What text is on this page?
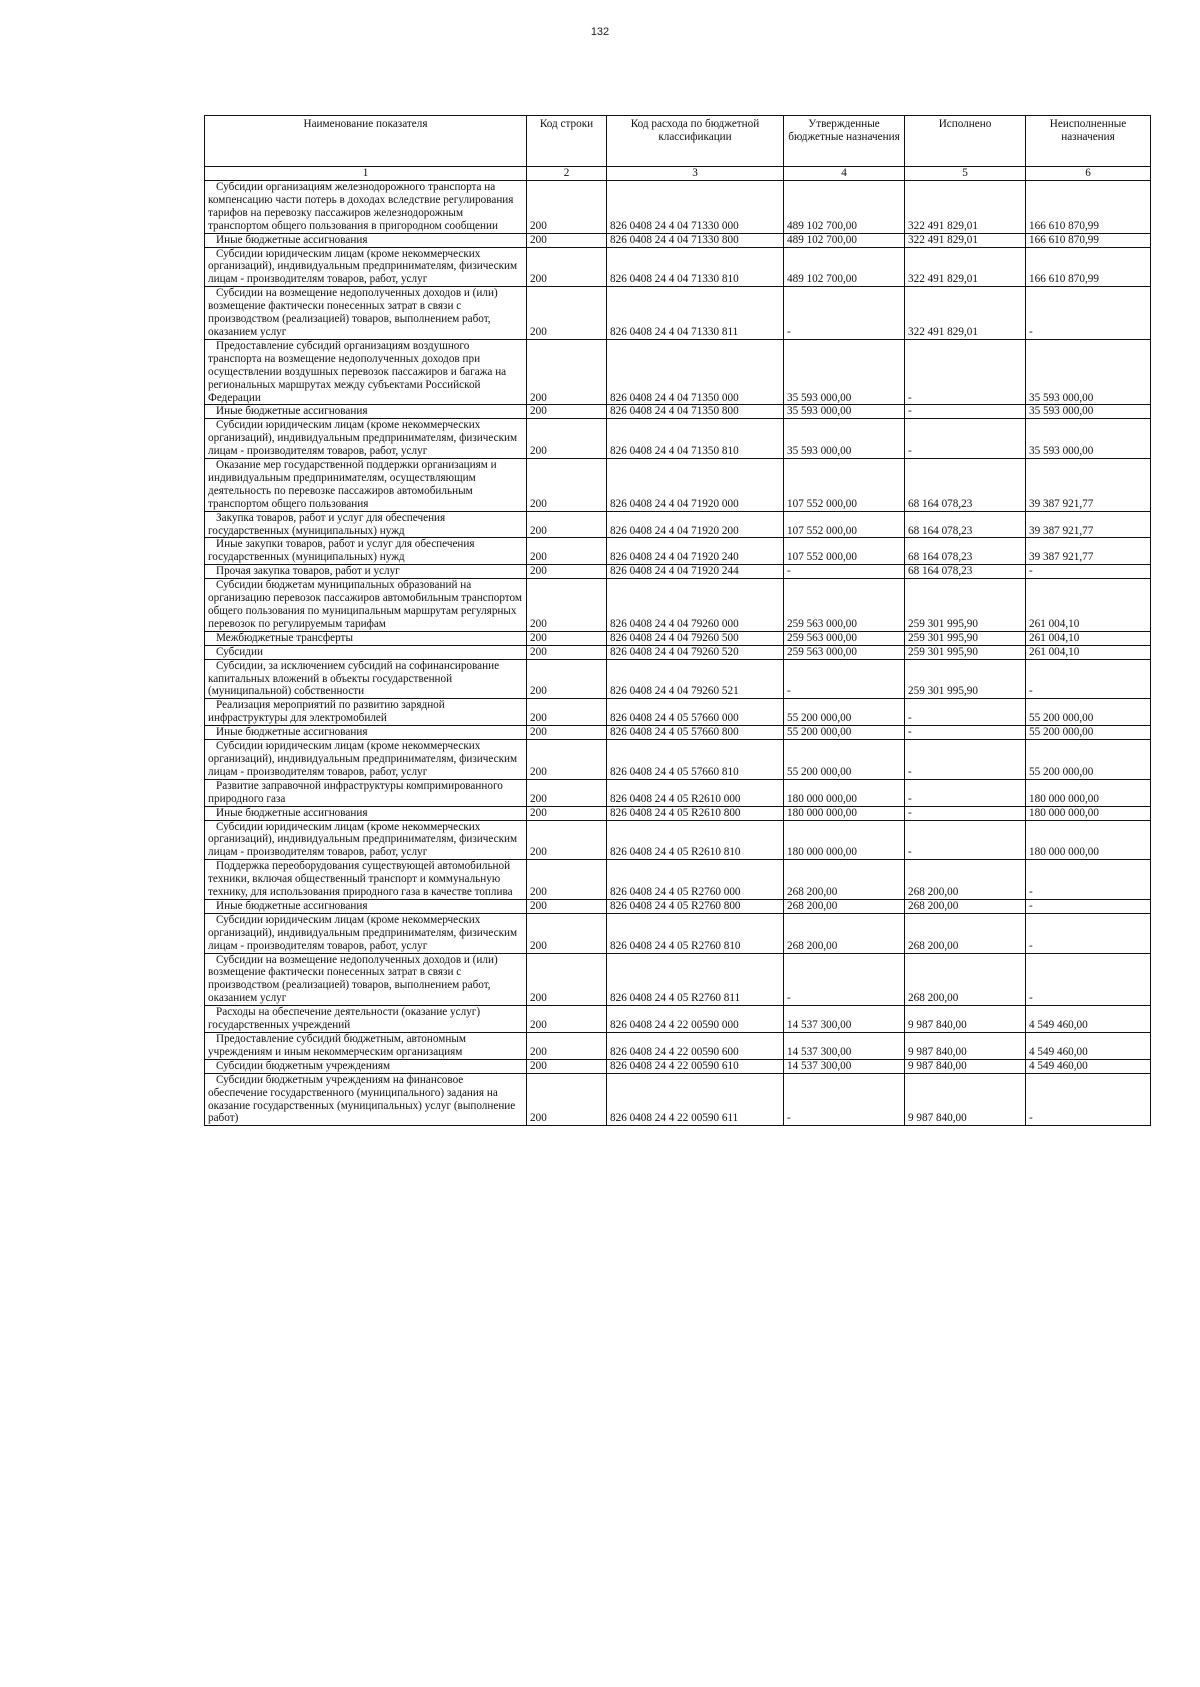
132
Наименование показателя	Код строки	Код расхода по бюджетной классификации	Утвержденные бюджетные назначения	Исполнено	Неисполненные назначения
1	2	3	4	5	6
Субсидии организациям железнодорожного транспорта на компенсацию части потерь в доходах вследствие регулирования тарифов на перевозку пассажиров железнодорожным транспортом общего пользования в пригородном сообщении	200	826 0408 24 4 04 71330 000	489 102 700,00	322 491 829,01	166 610 870,99
Иные бюджетные ассигнования	200	826 0408 24 4 04 71330 800	489 102 700,00	322 491 829,01	166 610 870,99
Субсидии юридическим лицам (кроме некоммерческих организаций), индивидуальным предпринимателям, физическим лицам - производителям товаров, работ, услуг	200	826 0408 24 4 04 71330 810	489 102 700,00	322 491 829,01	166 610 870,99
Субсидии на возмещение недополученных доходов и (или) возмещение фактически понесенных затрат в связи с производством (реализацией) товаров, выполнением работ, оказанием услуг	200	826 0408 24 4 04 71330 811	-	322 491 829,01	-
Предоставление субсидий организациям воздушного транспорта на возмещение недополученных доходов при осуществлении воздушных перевозок пассажиров и багажа на региональных маршрутах между субъектами Российской Федерации	200	826 0408 24 4 04 71350 000	35 593 000,00	-	35 593 000,00
Иные бюджетные ассигнования	200	826 0408 24 4 04 71350 800	35 593 000,00	-	35 593 000,00
Субсидии юридическим лицам (кроме некоммерческих организаций), индивидуальным предпринимателям, физическим лицам - производителям товаров, работ, услуг	200	826 0408 24 4 04 71350 810	35 593 000,00	-	35 593 000,00
Оказание мер государственной поддержки организациям и индивидуальным предпринимателям, осуществляющим деятельность по перевозке пассажиров автомобильным транспортом общего пользования	200	826 0408 24 4 04 71920 000	107 552 000,00	68 164 078,23	39 387 921,77
Закупка товаров, работ и услуг для обеспечения государственных (муниципальных) нужд	200	826 0408 24 4 04 71920 200	107 552 000,00	68 164 078,23	39 387 921,77
Иные закупки товаров, работ и услуг для обеспечения государственных (муниципальных) нужд	200	826 0408 24 4 04 71920 240	107 552 000,00	68 164 078,23	39 387 921,77
Прочая закупка товаров, работ и услуг	200	826 0408 24 4 04 71920 244	-	68 164 078,23	-
Субсидии бюджетам муниципальных образований на организацию перевозок пассажиров автомобильным транспортом общего пользования по муниципальным маршрутам регулярных перевозок по регулируемым тарифам	200	826 0408 24 4 04 79260 000	259 563 000,00	259 301 995,90	261 004,10
Межбюджетные трансферты	200	826 0408 24 4 04 79260 500	259 563 000,00	259 301 995,90	261 004,10
Субсидии	200	826 0408 24 4 04 79260 520	259 563 000,00	259 301 995,90	261 004,10
Субсидии, за исключением субсидий на софинансирование капитальных вложений в объекты государственной (муниципальной) собственности	200	826 0408 24 4 04 79260 521	-	259 301 995,90	-
Реализация мероприятий по развитию зарядной инфраструктуры для электромобилей	200	826 0408 24 4 05 57660 000	55 200 000,00	-	55 200 000,00
Иные бюджетные ассигнования	200	826 0408 24 4 05 57660 800	55 200 000,00	-	55 200 000,00
Субсидии юридическим лицам (кроме некоммерческих организаций), индивидуальным предпринимателям, физическим лицам - производителям товаров, работ, услуг	200	826 0408 24 4 05 57660 810	55 200 000,00	-	55 200 000,00
Развитие заправочной инфраструктуры компримированного природного газа	200	826 0408 24 4 05 R2610 000	180 000 000,00	-	180 000 000,00
Иные бюджетные ассигнования	200	826 0408 24 4 05 R2610 800	180 000 000,00	-	180 000 000,00
Субсидии юридическим лицам (кроме некоммерческих организаций), индивидуальным предпринимателям, физическим лицам - производителям товаров, работ, услуг	200	826 0408 24 4 05 R2610 810	180 000 000,00	-	180 000 000,00
Поддержка переоборудования существующей автомобильной техники, включая общественный транспорт и коммунальную технику, для использования природного газа в качестве топлива	200	826 0408 24 4 05 R2760 000	268 200,00	268 200,00	-
Иные бюджетные ассигнования	200	826 0408 24 4 05 R2760 800	268 200,00	268 200,00	-
Субсидии юридическим лицам (кроме некоммерческих организаций), индивидуальным предпринимателям, физическим лицам - производителям товаров, работ, услуг	200	826 0408 24 4 05 R2760 810	268 200,00	268 200,00	-
Субсидии на возмещение недополученных доходов и (или) возмещение фактически понесенных затрат в связи с производством (реализацией) товаров, выполнением работ, оказанием услуг	200	826 0408 24 4 05 R2760 811	-	268 200,00	-
Расходы на обеспечение деятельности (оказание услуг) государственных учреждений	200	826 0408 24 4 22 00590 000	14 537 300,00	9 987 840,00	4 549 460,00
Предоставление субсидий бюджетным, автономным учреждениям и иным некоммерческим организациям	200	826 0408 24 4 22 00590 600	14 537 300,00	9 987 840,00	4 549 460,00
Субсидии бюджетным учреждениям	200	826 0408 24 4 22 00590 610	14 537 300,00	9 987 840,00	4 549 460,00
Субсидии бюджетным учреждениям на финансовое обеспечение государственного (муниципального) задания на оказание государственных (муниципальных) услуг (выполнение работ)	200	826 0408 24 4 22 00590 611	-	9 987 840,00	-
